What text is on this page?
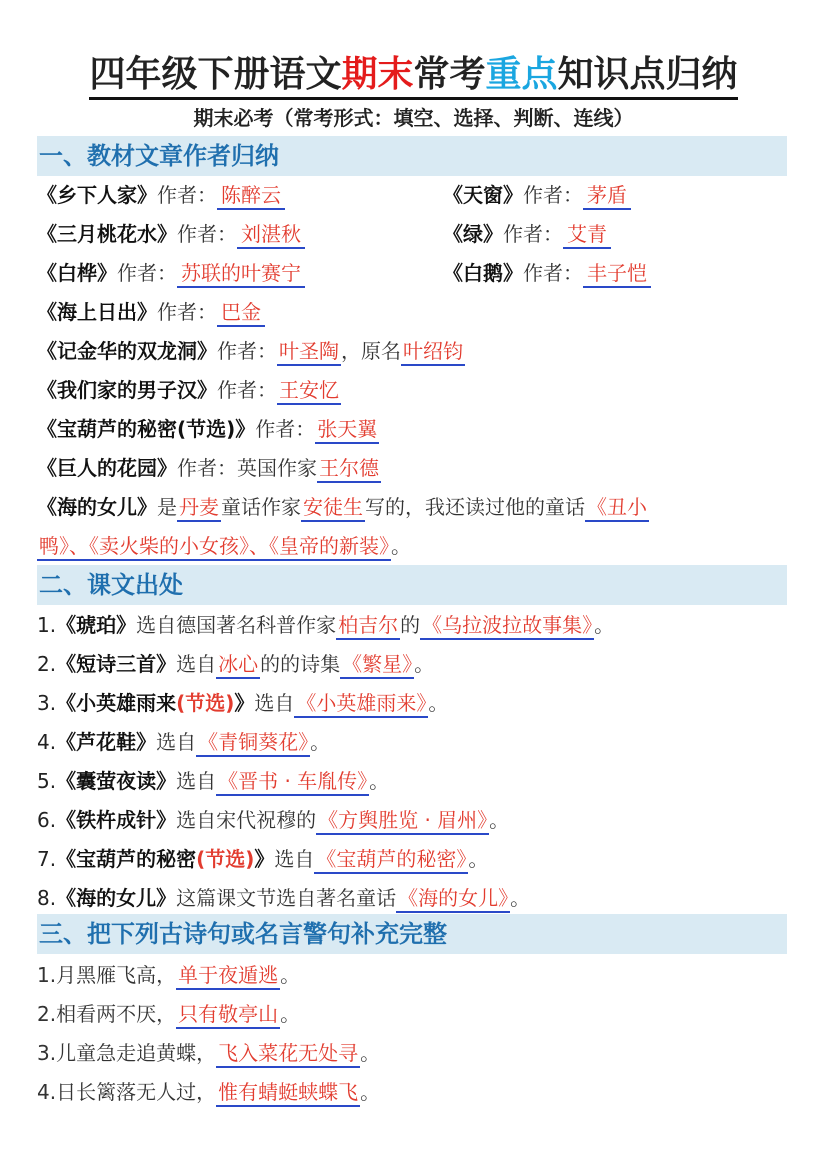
四年级下册语文期末常考重点知识点归纳
期末必考（常考形式：填空、选择、判断、连线）
一、教材文章作者归纳
《乡下人家》作者： 陈醉云	《天窗》作者： 茅盾
《三月桃花水》作者： 刘湛秋	《绿》作者： 艾青
《白桦》作者： 苏联的叶赛宁	《白鹅》作者： 丰子恺
《海上日出》作者： 巴金
《记金华的双龙洞》作者： 叶圣陶 ，原名 叶绍钧
《我们家的男子汉》作者： 王安忆
《宝葫芦的秘密(节选)》作者： 张天翼
《巨人的花园》作者：英国作家 王尔德
《海的女儿》是 丹麦 童话作家 安徒生 写的，我还读过他的童话 《丑小
鸭》、《卖火柴的小女孩》、《皇帝的新装》 。
二、课文出处
1.《琥珀》选自德国著名科普作家 柏吉尔 的 《乌拉波拉故事集》 。
2.《短诗三首》选自 冰心 的的诗集 《繁星》 。
3.《小英雄雨来(节选)》选自 《小英雄雨来》 。
4.《芦花鞋》选自 《青铜葵花》 。
5.《囊萤夜读》选自 《晋书 · 车胤传》 。
6.《铁杵成针》选自宋代祝穆的 《方舆胜览 · 眉州》 。
7.《宝葫芦的秘密(节选)》选自 《宝葫芦的秘密》 。
8.《海的女儿》这篇课文节选自著名童话 《海的女儿》 。
三、把下列古诗句或名言警句补充完整
1.月黑雁飞高， 单于夜遁逃 。
2.相看两不厌， 只有敬亭山 。
3.儿童急走追黄蝶， 飞入菜花无处寻 。
4.日长篱落无人过， 惟有蜻蜓蛱蝶飞 。
